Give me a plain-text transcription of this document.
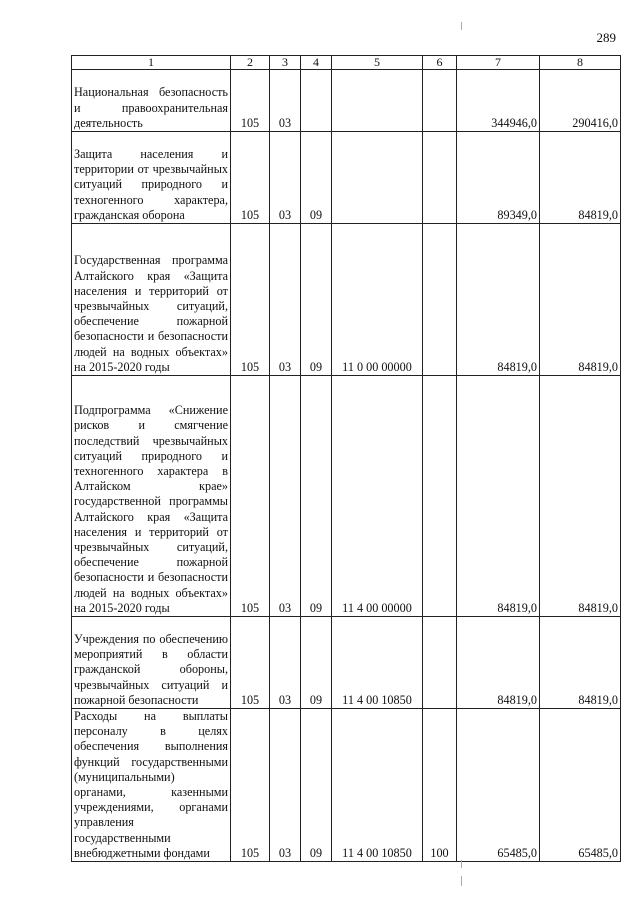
289
1	2	3	4	5	6	7	8
Национальная безопасность и правоохранительная деятельность	105	03				344946,0	290416,0
Защита населения и территории от чрезвычайных ситуаций природного и техногенного характера, гражданская оборона	105	03	09			89349,0	84819,0
Государственная программа Алтайского края «Защита населения и территорий от чрезвычайных ситуаций, обеспечение пожарной безопасности и безопасности людей на водных объектах» на 2015-2020 годы	105	03	09	11 0 00 00000		84819,0	84819,0
Подпрограмма «Снижение рисков и смягчение последствий чрезвычайных ситуаций природного и техногенного характера в Алтайском крае» государственной программы Алтайского края «Защита населения и территорий от чрезвычайных ситуаций, обеспечение пожарной безопасности и безопасности людей на водных объектах» на 2015-2020 годы	105	03	09	11 4 00 00000		84819,0	84819,0
Учреждения по обеспечению мероприятий в области гражданской обороны, чрезвычайных ситуаций и пожарной безопасности	105	03	09	11 4 00 10850		84819,0	84819,0
Расходы на выплаты персоналу в целях обеспечения выполнения функций государственными (муниципальными) органами, казенными учреждениями, органами управления государственными внебюджетными фондами	105	03	09	11 4 00 10850	100	65485,0	65485,0
